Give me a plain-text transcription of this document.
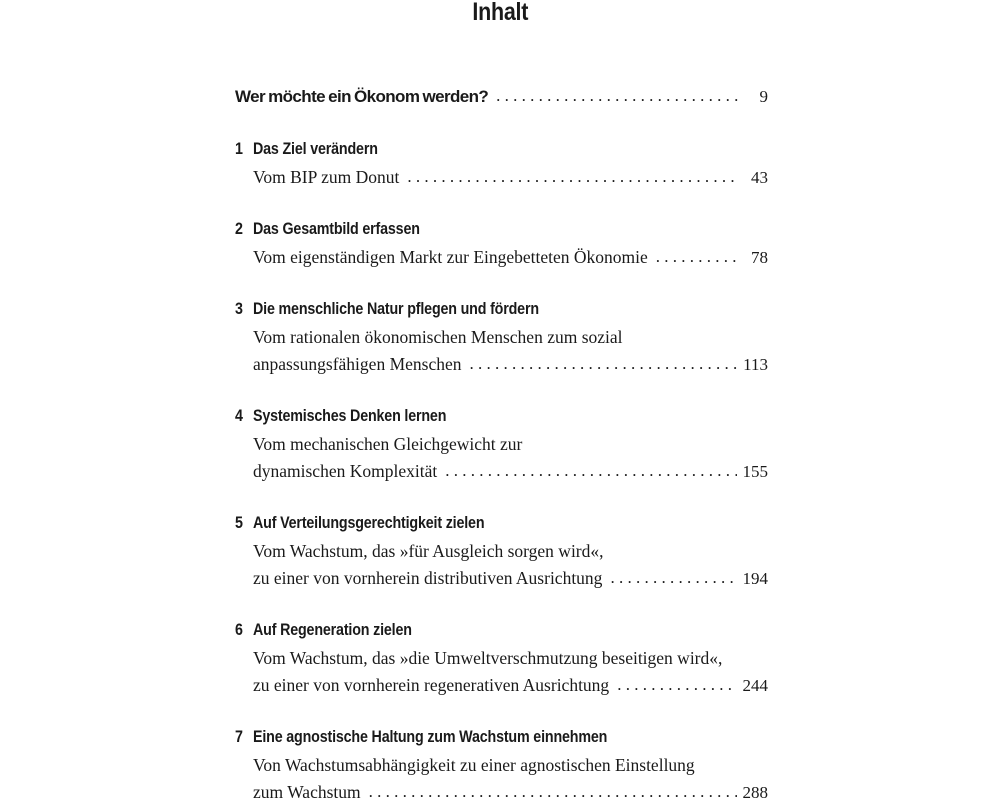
Inhalt
Wer möchte ein Ökonom werden? . . .	9
1 Das Ziel verändern
Vom BIP zum Donut . . .	43
2 Das Gesamtbild erfassen
Vom eigenständigen Markt zur Eingebetteten Ökonomie . . .	78
3 Die menschliche Natur pflegen und fördern
Vom rationalen ökonomischen Menschen zum sozial
anpassungsfähigen Menschen . . .	113
4 Systemisches Denken lernen
Vom mechanischen Gleichgewicht zur
dynamischen Komplexität . . .	155
5 Auf Verteilungsgerechtigkeit zielen
Vom Wachstum, das »für Ausgleich sorgen wird«,
zu einer von vornherein distributiven Ausrichtung . . .	194
6 Auf Regeneration zielen
Vom Wachstum, das »die Umweltverschmutzung beseitigen wird«,
zu einer von vornherein regenerativen Ausrichtung . . .	244
7 Eine agnostische Haltung zum Wachstum einnehmen
Von Wachstumsabhängigkeit zu einer agnostischen Einstellung
zum Wachstum . . .	288
